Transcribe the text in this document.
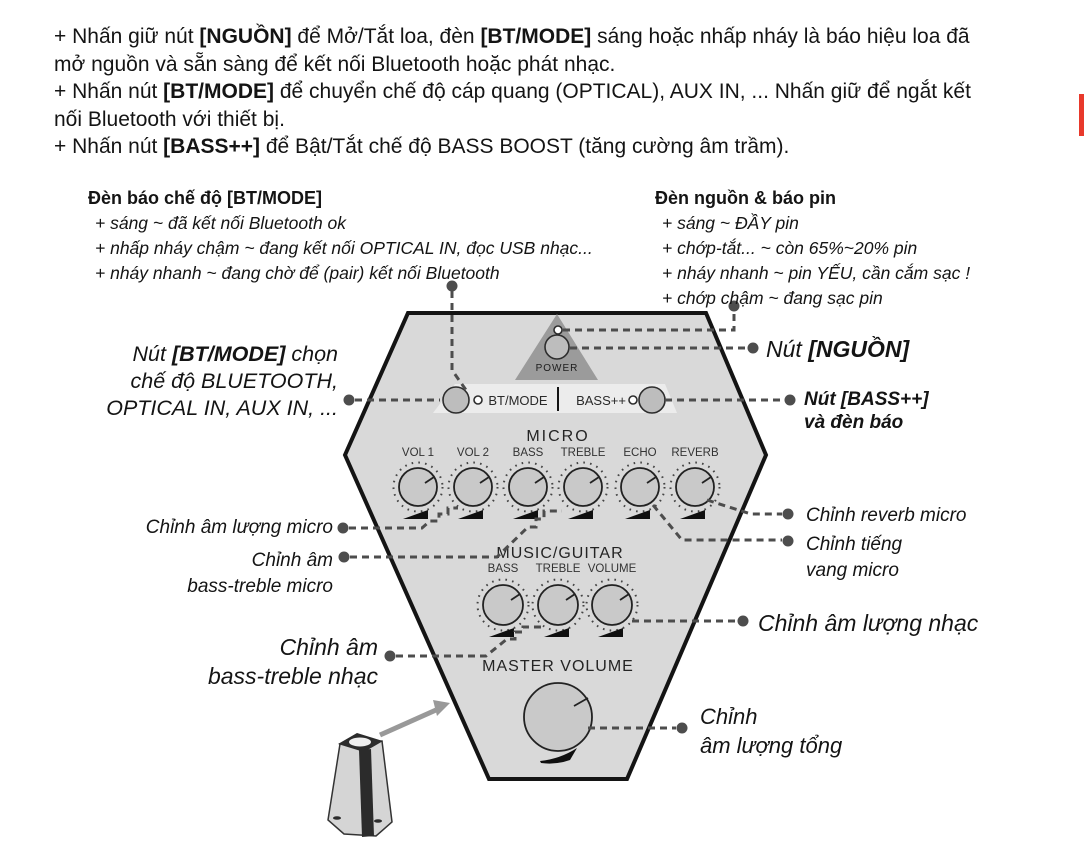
POWER
BT/MODE BASS++
MICRO
VOL 1 VOL 2 BASS TREBLE ECHO REVERB
MUSIC/GUITAR
BASS TREBLE VOLUME
MASTER VOLUME
+ Nhấn giữ nút [NGUỒN] để Mở/Tắt loa, đèn [BT/MODE] sáng hoặc nhấp nháy là báo hiệu loa đã
mở nguồn và sẵn sàng để kết nối Bluetooth hoặc phát nhạc.
+ Nhấn nút [BT/MODE] để chuyển chế độ cáp quang (OPTICAL), AUX IN, ... Nhấn giữ để ngắt kết
nối Bluetooth với thiết bị.
+ Nhấn nút [BASS++] để Bật/Tắt chế độ BASS BOOST (tăng cường âm trầm).
Đèn báo chế độ [BT/MODE]
+ sáng ~ đã kết nối Bluetooth ok
+ nhấp nháy chậm ~ đang kết nối OPTICAL IN, đọc USB nhạc...
+ nháy nhanh ~ đang chờ để (pair) kết nối Bluetooth
Đèn nguồn & báo pin
+ sáng ~ ĐẦY pin
+ chớp-tắt... ~ còn 65%~20% pin
+ nháy nhanh ~ pin YẾU, cần cắm sạc !
+ chớp chậm ~ đang sạc pin
Nút [BT/MODE] chọn
chế độ BLUETOOTH,
OPTICAL IN, AUX IN, ...
Nút [NGUỒN]
Nút [BASS++]
và đèn báo
Chỉnh âm lượng micro
Chỉnh âm
bass-treble micro
Chỉnh âm
bass-treble nhạc
Chỉnh reverb micro
Chỉnh tiếng
vang micro
Chỉnh âm lượng nhạc
Chỉnh
âm lượng tổng
